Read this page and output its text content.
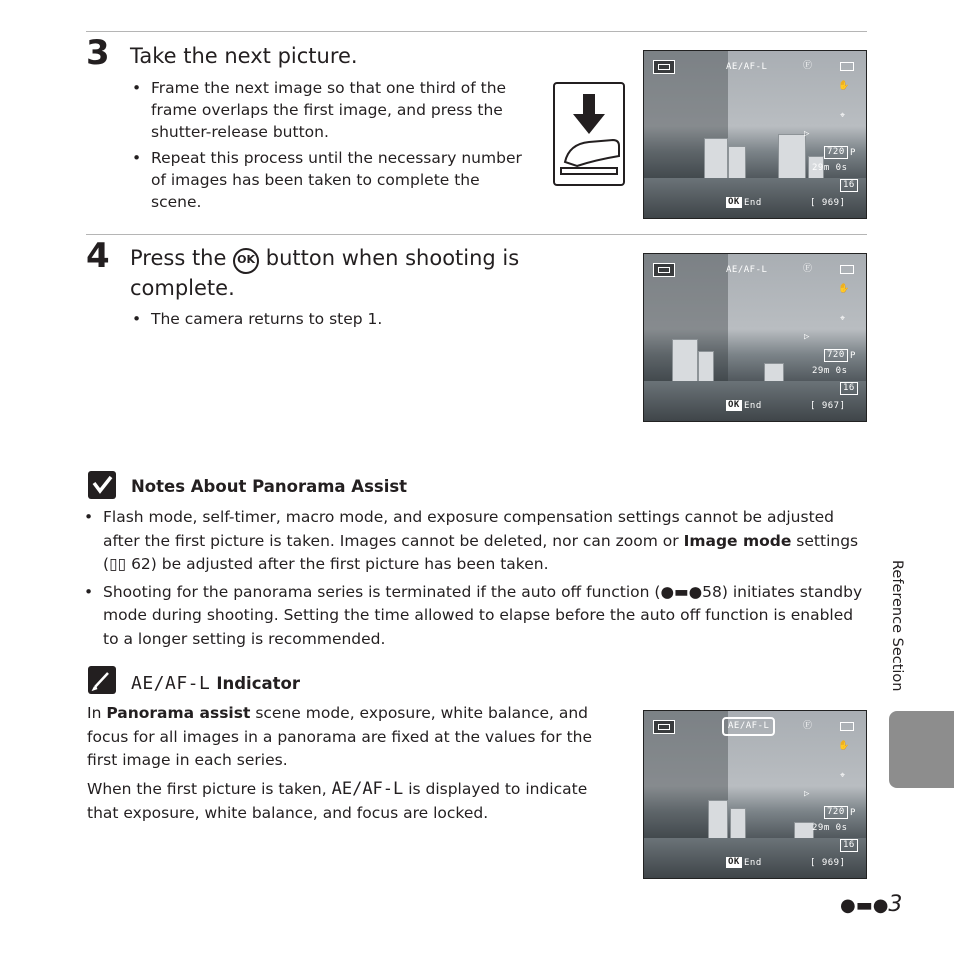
3 Take the next picture.
• Frame the next image so that one third of the frame overlaps the first image, and press the shutter-release button.
• Repeat this process until the necessary number of images has been taken to complete the scene.
AE/AF-L	Ⓕ
✋
⌖
▷
720 P
29m 0s
16
OK End	[ 969]
4 Press the OK button when shooting is complete.
• The camera returns to step 1.
AE/AF-L	Ⓕ
✋
⌖
▷
720 P
29m 0s
16
OK End	[ 967]
Notes About Panorama Assist
• Flash mode, self-timer, macro mode, and exposure compensation settings cannot be adjusted after the first picture is taken. Images cannot be deleted, nor can zoom or Image mode settings (▯▯ 62) be adjusted after the first picture has been taken.
• Shooting for the panorama series is terminated if the auto off function (●▬●58) initiates standby mode during shooting. Setting the time allowed to elapse before the auto off function is enabled to a longer setting is recommended.
AE/AF-L Indicator

In Panorama assist scene mode, exposure, white balance, and focus for all images in a panorama are fixed at the values for the first image in each series.

When the first picture is taken, AE/AF-L is displayed to indicate that exposure, white balance, and focus are locked.

AE/AF-L	Ⓕ
✋
⌖
▷
720 P
29m 0s
16
OK End	[ 969]
Reference Section
●▬●3
